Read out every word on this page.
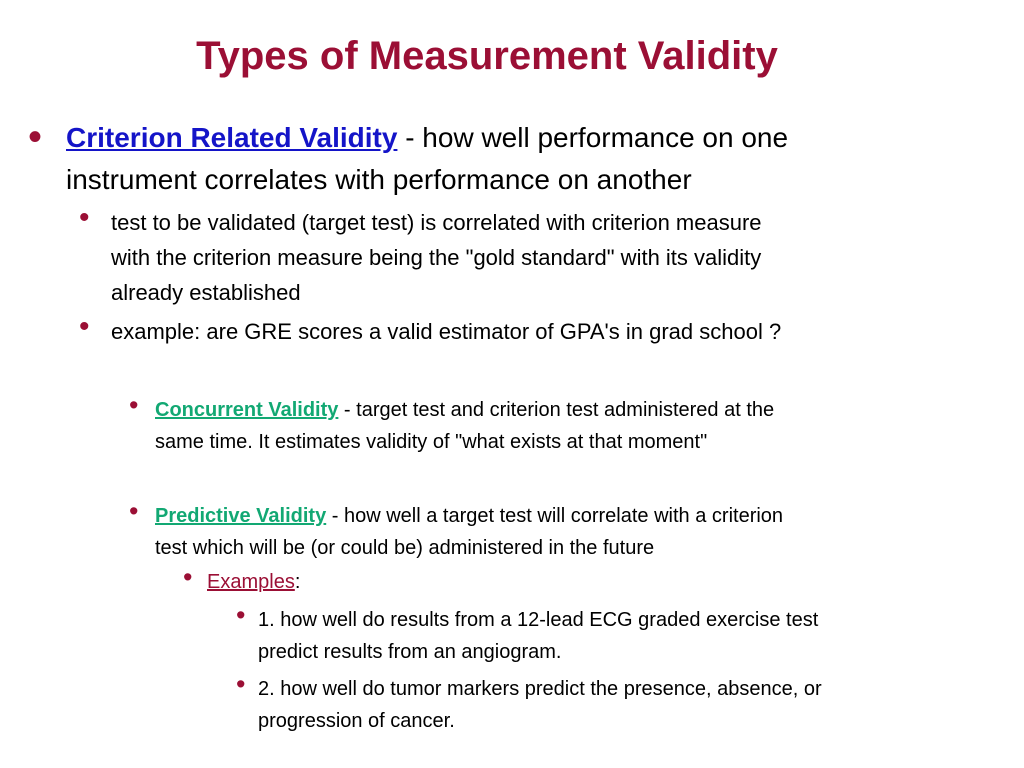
Types of Measurement Validity
• Criterion Related Validity - how well performance on one
instrument correlates with performance on another
• test to be validated (target test) is correlated with criterion measure
with the criterion measure being the "gold standard" with its validity
already established
• example: are GRE scores a valid estimator of GPA's in grad school ?
• Concurrent Validity - target test and criterion test administered at the
same time. It estimates validity of "what exists at that moment"
• Predictive Validity - how well a target test will correlate with a criterion
test which will be (or could be) administered in the future
• Examples:
• 1. how well do results from a 12-lead ECG graded exercise test
predict results from an angiogram.
• 2. how well do tumor markers predict the presence, absence, or
progression of cancer.
